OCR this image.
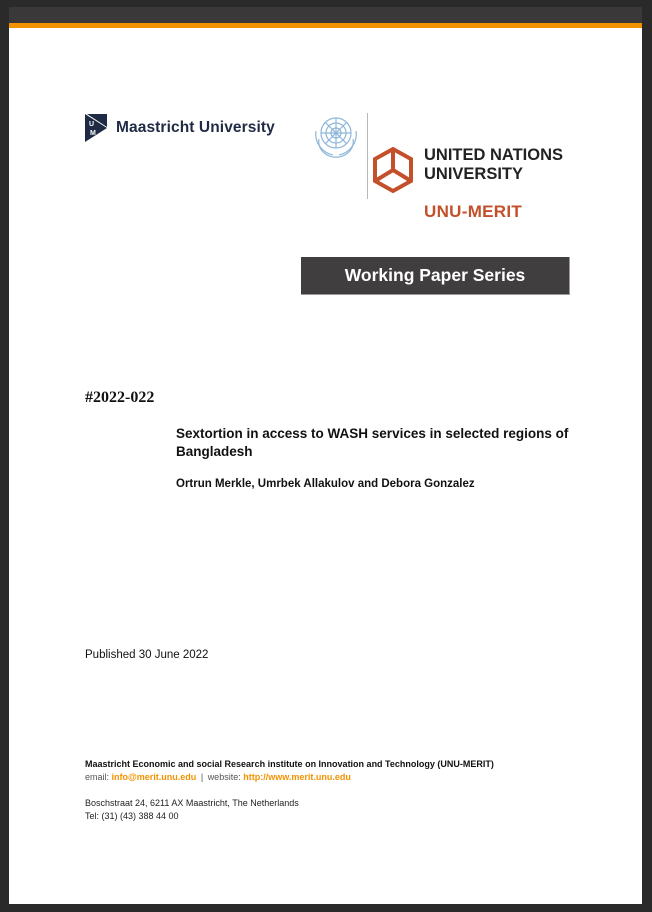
U
M Maastricht University
UNITED NATIONS
UNIVERSITY
UNU-MERIT
Working Paper Series
#2022-022
Sextortion in access to WASH services in selected regions of Bangladesh
Ortrun Merkle, Umrbek Allakulov and Debora Gonzalez
Published 30 June 2022
Maastricht Economic and social Research institute on Innovation and Technology (UNU-MERIT)
email: info@merit.unu.edu | website: http://www.merit.unu.edu
Boschstraat 24, 6211 AX Maastricht, The Netherlands
Tel: (31) (43) 388 44 00
